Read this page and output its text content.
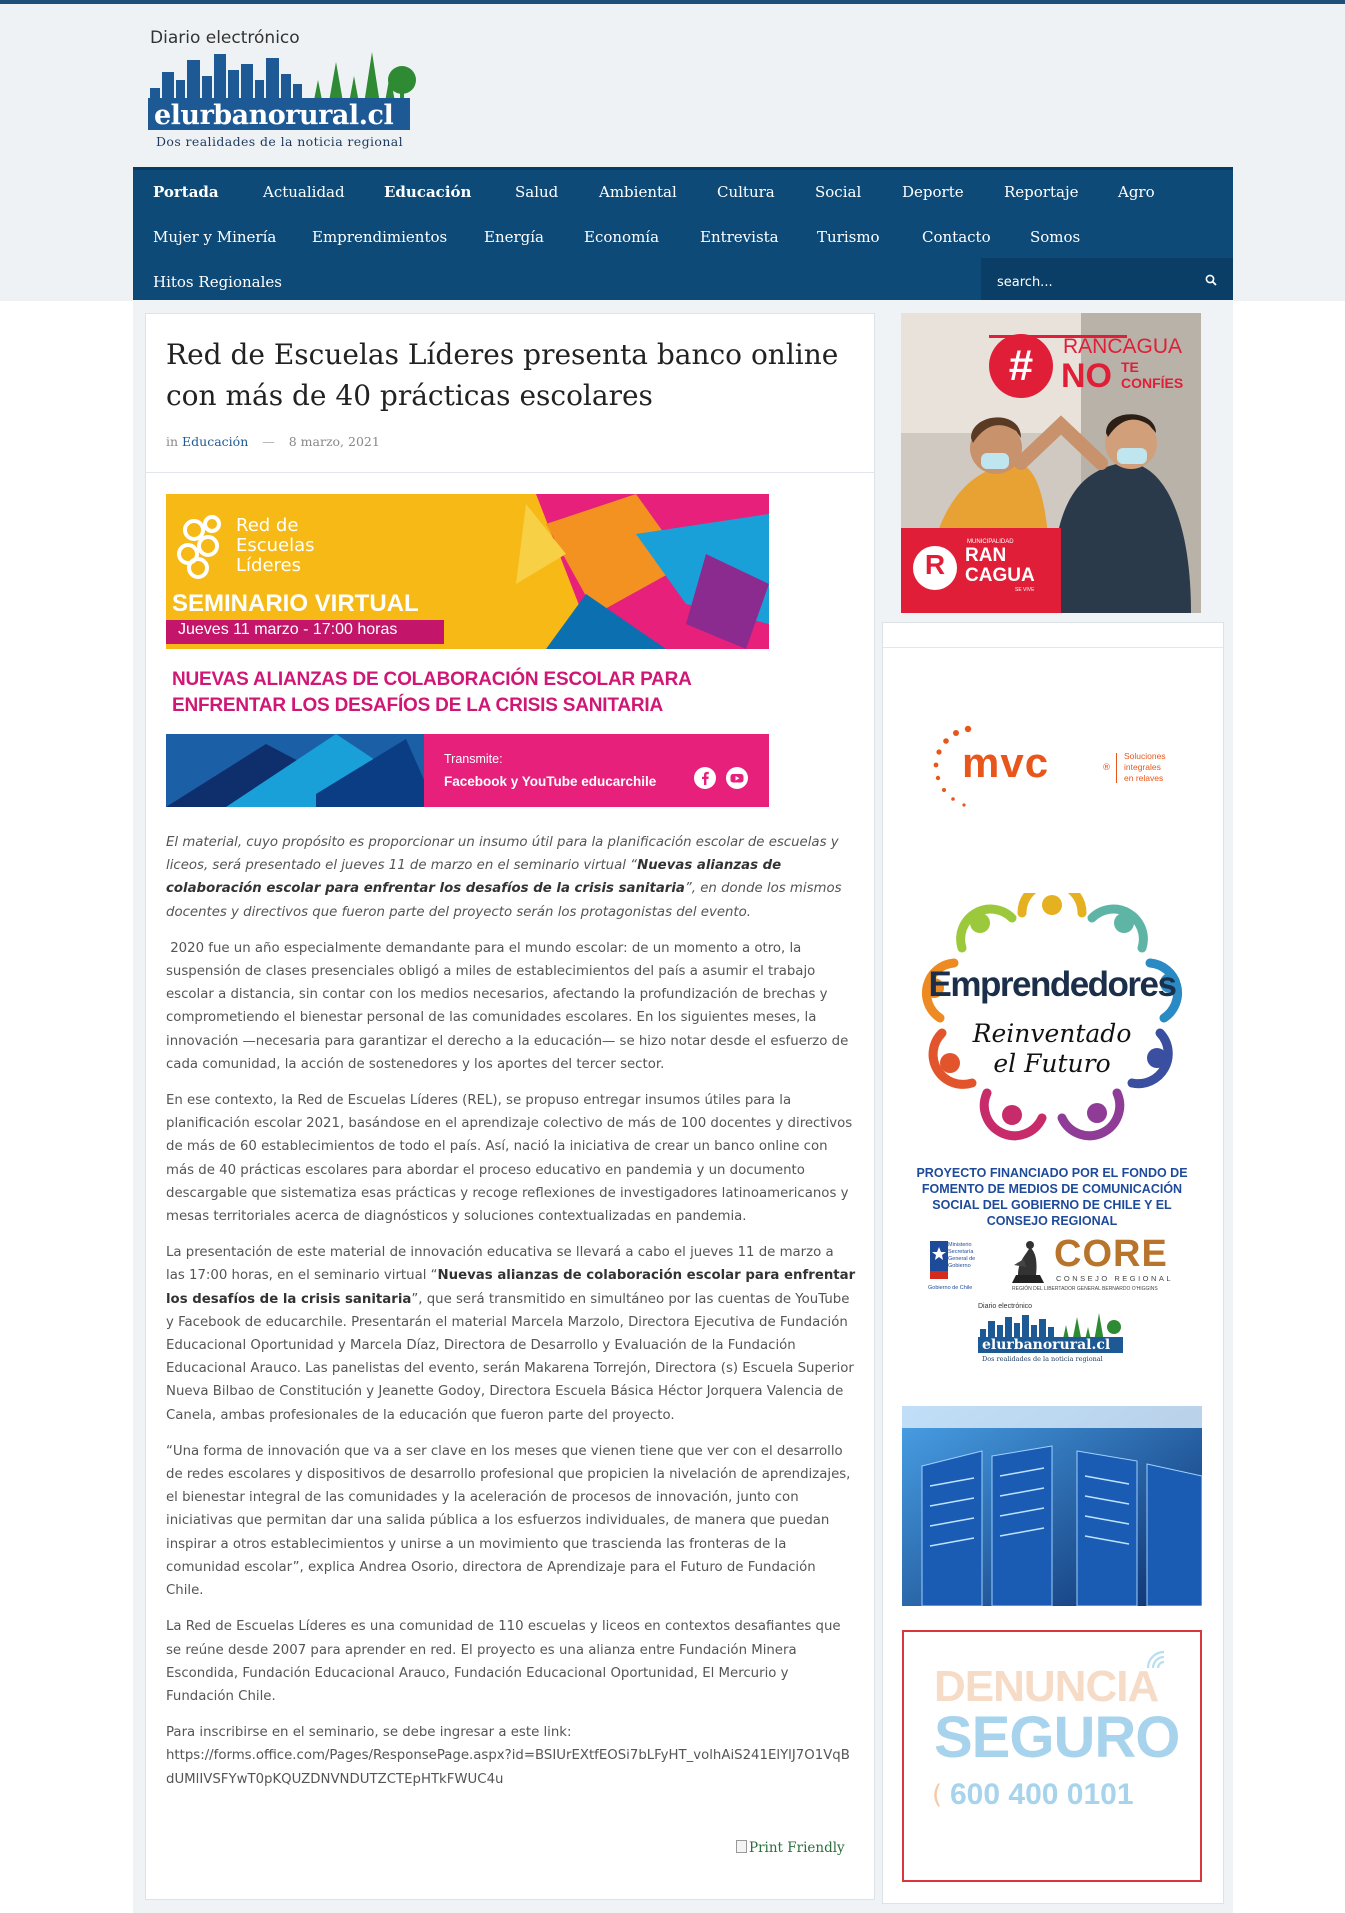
Diario electrónico
elurbanorural.cl
Dos realidades de la noticia regional
Portada	Actualidad	Educación	Salud	Ambiental	Cultura	Social	Deporte	Reportaje	Agro
Mujer y Minería Emprendimientos Energía	Economía	Entrevista	Turismo	Contacto	Somos
Hitos Regionales
search...
Red de Escuelas Líderes presenta banco online con más de 40 prácticas escolares
in Educación — 8 marzo, 2021
Red de
Escuelas
Líderes
SEMINARIO VIRTUAL
Jueves 11 marzo - 17:00 horas
NUEVAS ALIANZAS DE COLABORACIÓN ESCOLAR PARA
ENFRENTAR LOS DESAFÍOS DE LA CRISIS SANITARIA
Transmite:
Facebook y YouTube educarchile

El material, cuyo propósito es proporcionar un insumo útil para la planificación escolar de escuelas y liceos, será presentado el jueves 11 de marzo en el seminario virtual “Nuevas alianzas de colaboración escolar para enfrentar los desafíos de la crisis sanitaria”, en donde los mismos docentes y directivos que fueron parte del proyecto serán los protagonistas del evento.

2020 fue un año especialmente demandante para el mundo escolar: de un momento a otro, la suspensión de clases presenciales obligó a miles de establecimientos del país a asumir el trabajo escolar a distancia, sin contar con los medios necesarios, afectando la profundización de brechas y comprometiendo el bienestar personal de las comunidades escolares. En los siguientes meses, la innovación —necesaria para garantizar el derecho a la educación— se hizo notar desde el esfuerzo de cada comunidad, la acción de sostenedores y los aportes del tercer sector.

En ese contexto, la Red de Escuelas Líderes (REL), se propuso entregar insumos útiles para la planificación escolar 2021, basándose en el aprendizaje colectivo de más de 100 docentes y directivos de más de 60 establecimientos de todo el país. Así, nació la iniciativa de crear un banco online con más de 40 prácticas escolares para abordar el proceso educativo en pandemia y un documento descargable que sistematiza esas prácticas y recoge reflexiones de investigadores latinoamericanos y mesas territoriales acerca de diagnósticos y soluciones contextualizadas en pandemia.

La presentación de este material de innovación educativa se llevará a cabo el jueves 11 de marzo a las 17:00 horas, en el seminario virtual “Nuevas alianzas de colaboración escolar para enfrentar los desafíos de la crisis sanitaria”, que será transmitido en simultáneo por las cuentas de YouTube y Facebook de educarchile. Presentarán el material Marcela Marzolo, Directora Ejecutiva de Fundación Educacional Oportunidad y Marcela Díaz, Directora de Desarrollo y Evaluación de la Fundación Educacional Arauco. Las panelistas del evento, serán Makarena Torrejón, Directora (s) Escuela Superior Nueva Bilbao de Constitución y Jeanette Godoy, Directora Escuela Básica Héctor Jorquera Valencia de Canela, ambas profesionales de la educación que fueron parte del proyecto.

“Una forma de innovación que va a ser clave en los meses que vienen tiene que ver con el desarrollo de redes escolares y dispositivos de desarrollo profesional que propicien la nivelación de aprendizajes, el bienestar integral de las comunidades y la aceleración de procesos de innovación, junto con iniciativas que permitan dar una salida pública a los esfuerzos individuales, de manera que puedan inspirar a otros establecimientos y unirse a un movimiento que trascienda las fronteras de la comunidad escolar”, explica Andrea Osorio, directora de Aprendizaje para el Futuro de Fundación Chile.

La Red de Escuelas Líderes es una comunidad de 110 escuelas y liceos en contextos desafiantes que se reúne desde 2007 para aprender en red. El proyecto es una alianza entre Fundación Minera Escondida, Fundación Educacional Arauco, Fundación Educacional Oportunidad, El Mercurio y Fundación Chile.

Para inscribirse en el seminario, se debe ingresar a este link:
https://forms.office.com/Pages/ResponsePage.aspx?id=BSIUrEXtfEOSi7bLFyHT_volhAiS241ElYlJ7O1VqBdUMlIVSFYwT0pKQUZDNVNDUTZCTEpHTkFWUC4u

Print Friendly
#	RANCAGUA
NO TE
CONFÍES
R
MUNICIPALIDAD
RAN
CAGUA
SE VIVE
mvc	®
Soluciones
integrales
en relaves
Emprendedores
Reinventado
el Futuro
PROYECTO FINANCIADO POR EL FONDO DE
FOMENTO DE MEDIOS DE COMUNICACIÓN
SOCIAL DEL GOBIERNO DE CHILE Y EL
CONSEJO REGIONAL
Ministerio
Secretaría
General de
Gobierno
Gobierno de Chile
CORE
CONSEJO REGIONAL
REGIÓN DEL LIBERTADOR GENERAL BERNARDO O'HIGGINS
Diario electrónico
elurbanorural.cl
Dos realidades de la noticia regional
DENUNCIA
SEGURO
( 600 400 0101
